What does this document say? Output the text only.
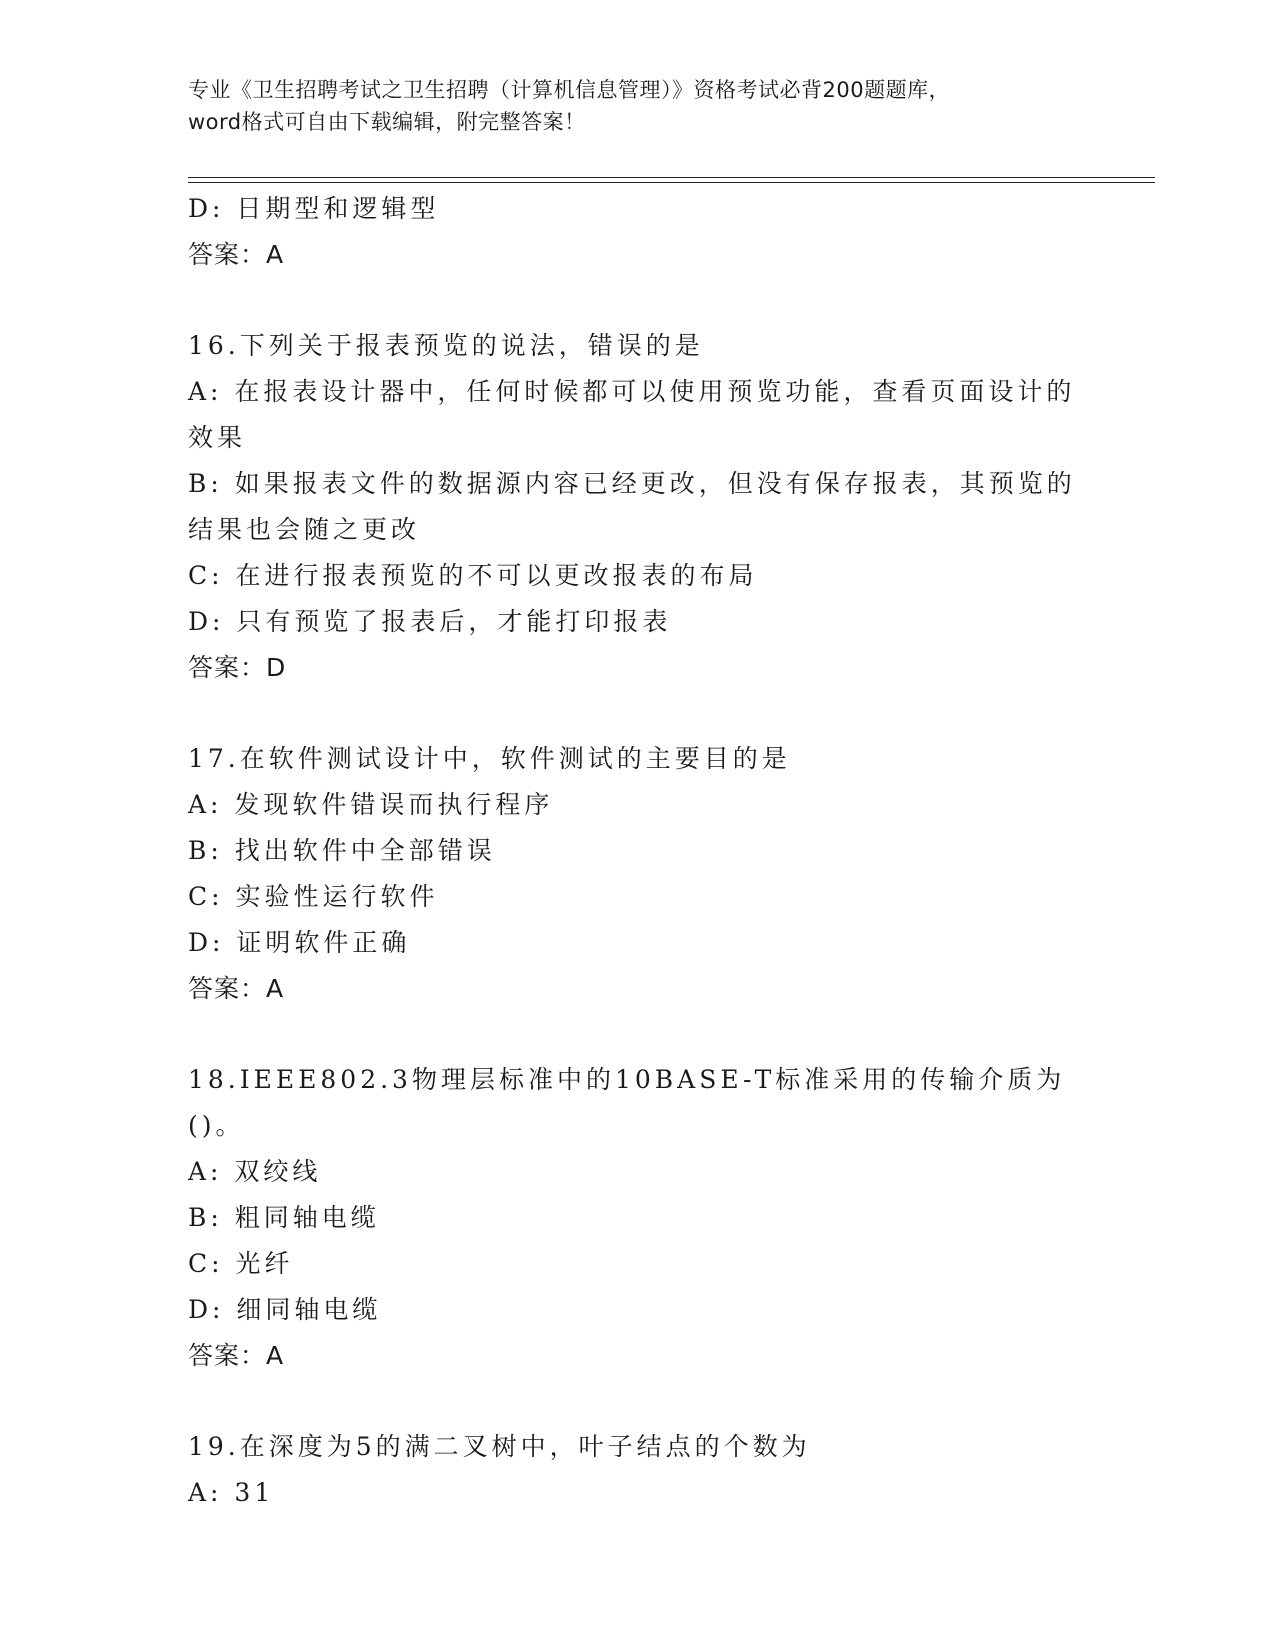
专业《卫生招聘考试之卫生招聘（计算机信息管理）》资格考试必背200题题库，
word格式可自由下载编辑，附完整答案！

D: 日期型和逻辑型

答案：A

16.下列关于报表预览的说法，错误的是

A: 在报表设计器中，任何时候都可以使用预览功能，查看页面设计的

效果

B: 如果报表文件的数据源内容已经更改，但没有保存报表，其预览的

结果也会随之更改

C: 在进行报表预览的不可以更改报表的布局

D: 只有预览了报表后，才能打印报表

答案：D

17.在软件测试设计中，软件测试的主要目的是

A: 发现软件错误而执行程序

B: 找出软件中全部错误

C: 实验性运行软件

D: 证明软件正确

答案：A

18.IEEE802.3物理层标准中的10BASE-T标准采用的传输介质为()。

A: 双绞线

B: 粗同轴电缆

C: 光纤

D: 细同轴电缆

答案：A

19.在深度为5的满二叉树中，叶子结点的个数为

A: 31
